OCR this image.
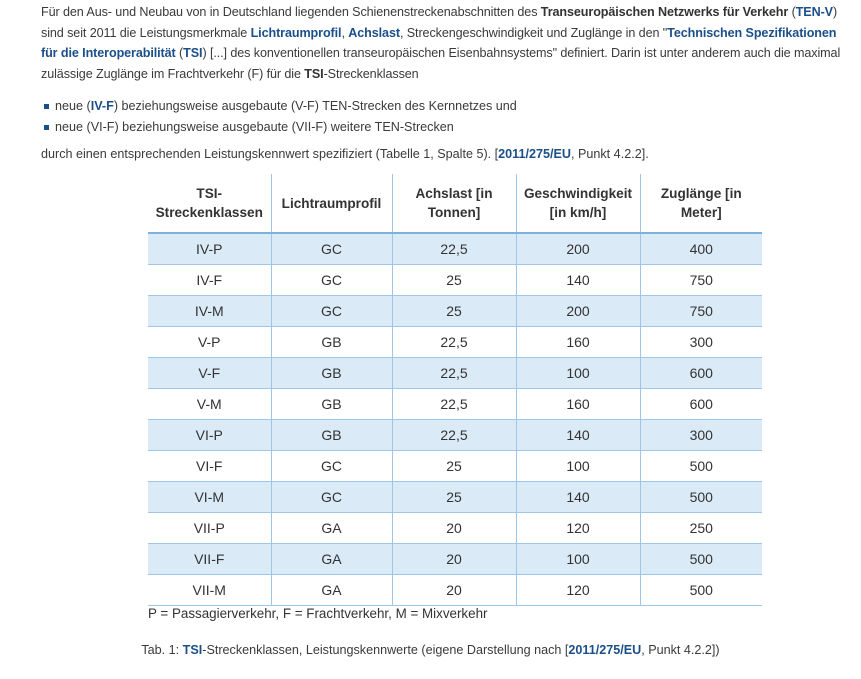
Für den Aus- und Neubau von in Deutschland liegenden Schienenstreckenabschnitten des Transeuropäischen Netzwerks für Verkehr (TEN-V) sind seit 2011 die Leistungsmerkmale Lichtraumprofil, Achslast, Streckengeschwindigkeit und Zuglänge in den "Technischen Spezifikationen für die Interoperabilität (TSI) [...] des konventionellen transeuropäischen Eisenbahnsystems" definiert. Darin ist unter anderem auch die maximal zulässige Zuglänge im Frachtverkehr (F) für die TSI-Streckenklassen
neue (IV-F) beziehungsweise ausgebaute (V-F) TEN-Strecken des Kernnetzes und
neue (VI-F) beziehungsweise ausgebaute (VII-F) weitere TEN-Strecken
durch einen entsprechenden Leistungskennwert spezifiziert (Tabelle 1, Spalte 5). [2011/275/EU, Punkt 4.2.2].
TSI-
Streckenklassen	Lichtraumprofil	Achslast [in Tonnen]	Geschwindigkeit [in km/h]	Zuglänge [in Meter]
IV-P	GC	22,5	200	400
IV-F	GC	25	140	750
IV-M	GC	25	200	750
V-P	GB	22,5	160	300
V-F	GB	22,5	100	600
V-M	GB	22,5	160	600
VI-P	GB	22,5	140	300
VI-F	GC	25	100	500
VI-M	GC	25	140	500
VII-P	GA	20	120	250
VII-F	GA	20	100	500
VII-M	GA	20	120	500
P = Passagierverkehr, F = Frachtverkehr, M = Mixverkehr
Tab. 1: TSI-Streckenklassen, Leistungskennwerte (eigene Darstellung nach [2011/275/EU, Punkt 4.2.2])
